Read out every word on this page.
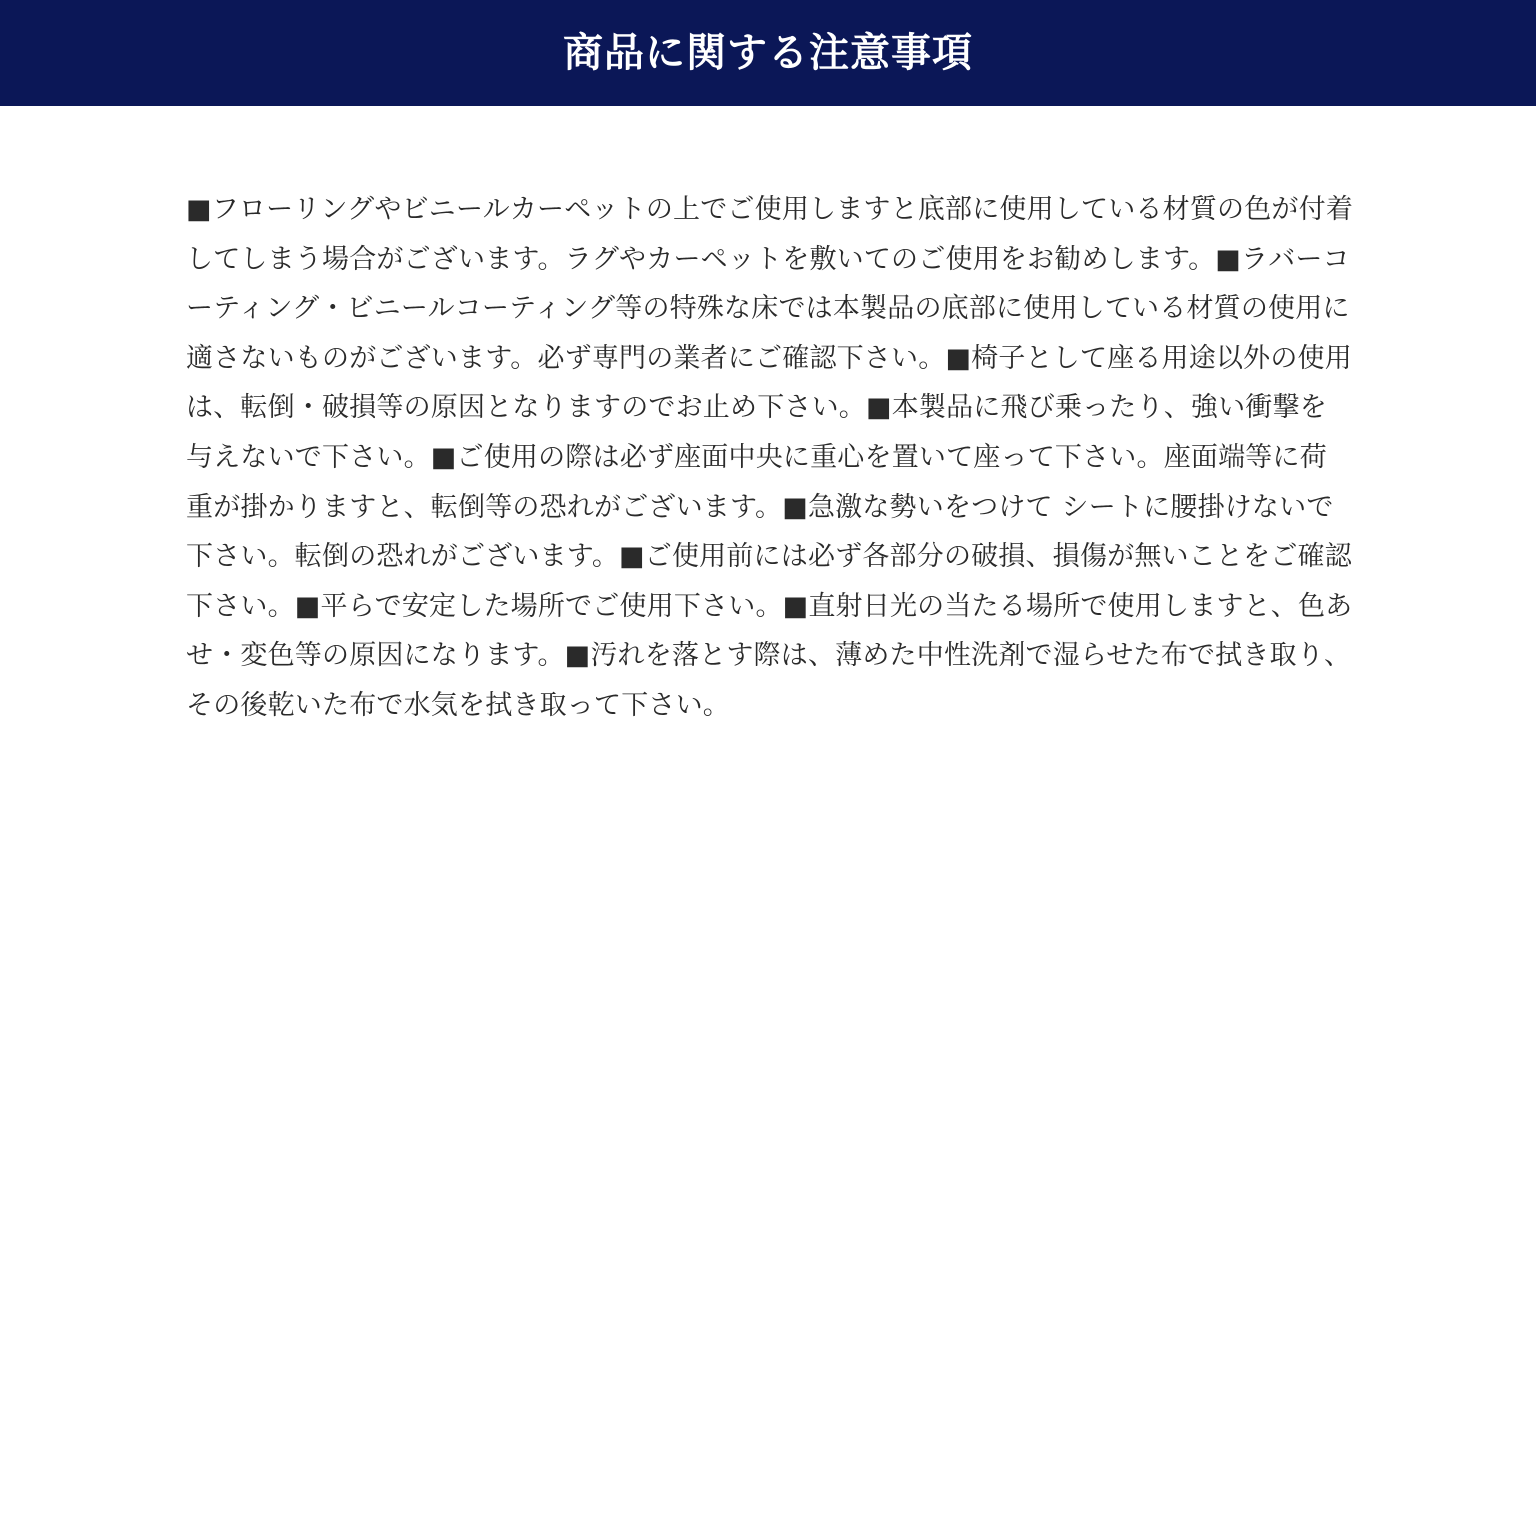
商品に関する注意事項

■フローリングやビニールカーペットの上でご使用しますと底部に使用している材質の色が付着してしまう場合がございます。ラグやカーペットを敷いてのご使用をお勧めします。■ラバーコーティング・ビニールコーティング等の特殊な床では本製品の底部に使用している材質の使用に適さないものがございます。必ず専門の業者にご確認下さい。■椅子として座る用途以外の使用は、転倒・破損等の原因となりますのでお止め下さい。■本製品に飛び乗ったり、強い衝撃を与えないで下さい。■ご使用の際は必ず座面中央に重心を置いて座って下さい。座面端等に荷重が掛かりますと、転倒等の恐れがございます。■急激な勢いをつけて シートに腰掛けないで下さい。転倒の恐れがございます。■ご使用前には必ず各部分の破損、損傷が無いことをご確認下さい。■平らで安定した場所でご使用下さい。■直射日光の当たる場所で使用しますと、色あせ・変色等の原因になります。■汚れを落とす際は、薄めた中性洗剤で湿らせた布で拭き取り、その後乾いた布で水気を拭き取って下さい。
